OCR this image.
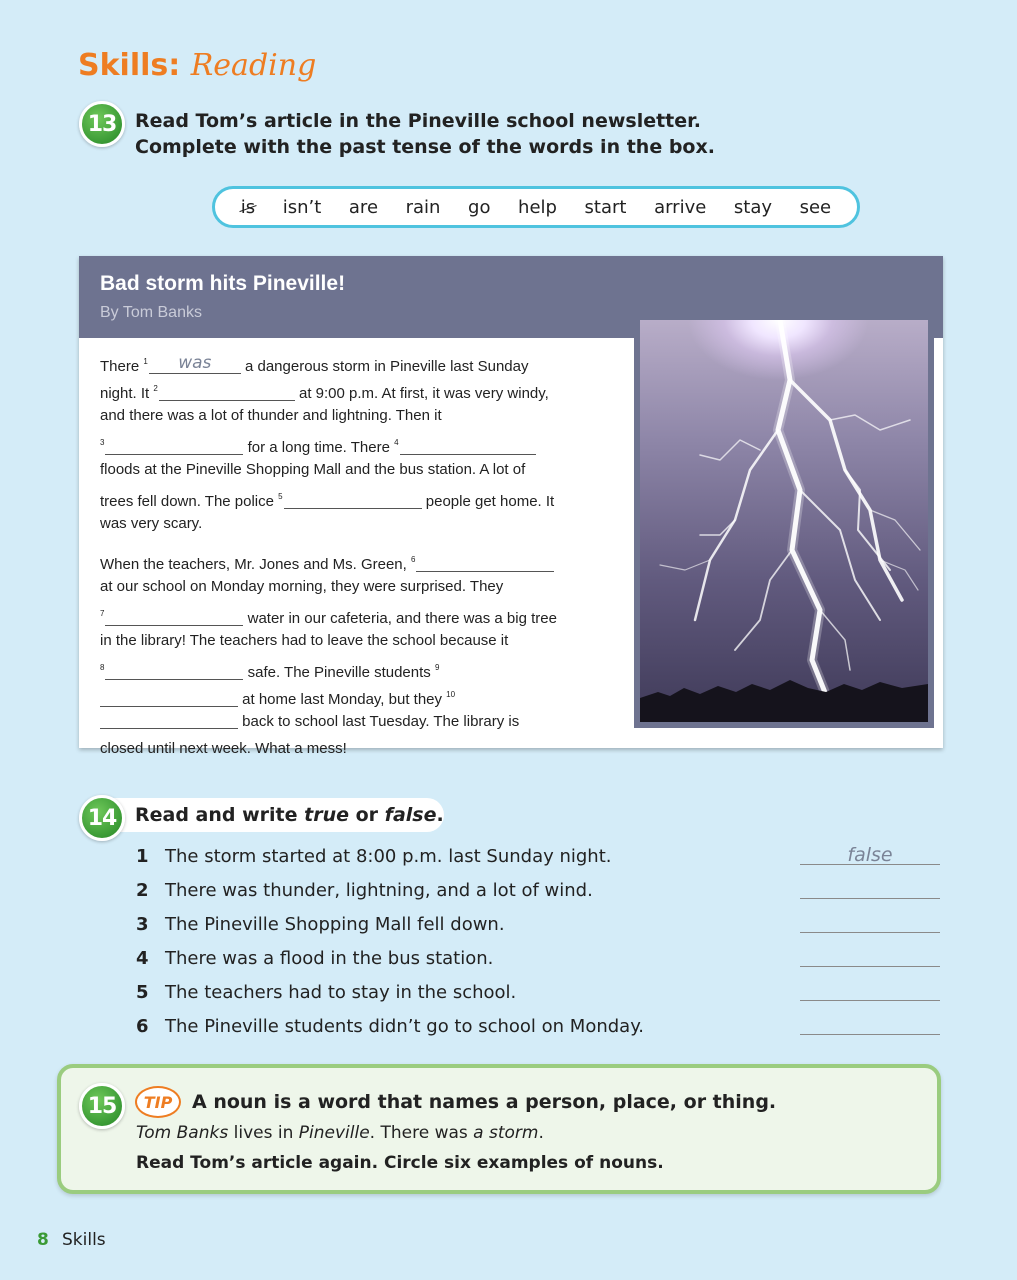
Skills: Reading
13 Read Tom’s article in the Pineville school newsletter.
Complete with the past tense of the words in the box.
is isn’t are rain go help start arrive stay see
Bad storm hits Pineville!
By Tom Banks
There $^1$	was	a dangerous storm in Pineville last Sunday
night. It $^2$	at 9:00 p.m. At first, it was very windy,
and there was a lot of thunder and lightning. Then it
$^3$	for a long time. There $^4$
floods at the Pineville Shopping Mall and the bus station. A lot of
trees fell down. The police $^5$	people get home. It
was very scary.
When the teachers, Mr. Jones and Ms. Green, $^6$
at our school on Monday morning, they were surprised. They
$^7$	water in our cafeteria, and there was a big tree
in the library! The teachers had to leave the school because it
$^8$	safe. The Pineville students $^9$
at home last Monday, but they $^{10}$
back to school last Tuesday. The library is
closed until next week. What a mess!
14 Read and write true or false.
1 The storm started at 8:00 p.m. last Sunday night.	false
2 There was thunder, lightning, and a lot of wind.
3 The Pineville Shopping Mall fell down.
4 There was a flood in the bus station.
5 The teachers had to stay in the school.
6 The Pineville students didn’t go to school on Monday.
15	TIP	A noun is a word that names a person, place, or thing.
Tom Banks lives in Pineville. There was a storm.
Read Tom’s article again. Circle six examples of nouns.
8 Skills
